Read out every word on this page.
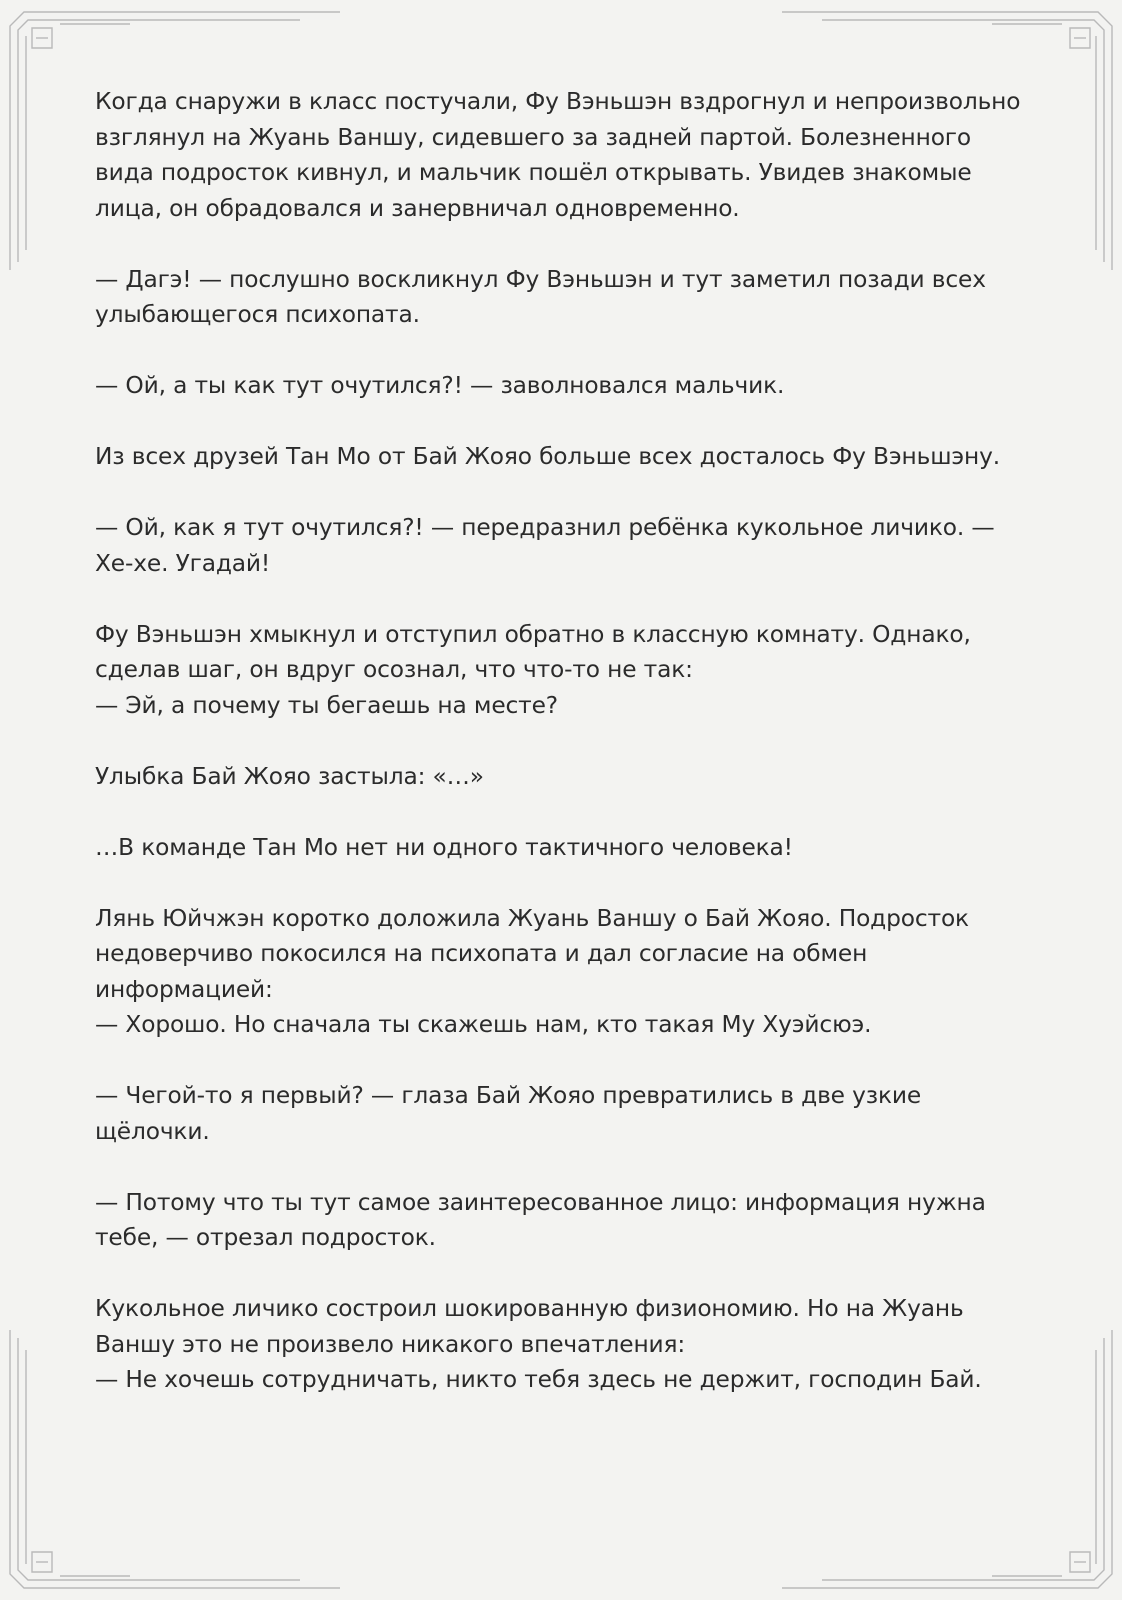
Когда снаружи в класс постучали, Фу Вэньшэн вздрогнул и непроизвольно взглянул на Жуань Ваншу, сидевшего за задней партой. Болезненного вида подросток кивнул, и мальчик пошёл открывать. Увидев знакомые лица, он обрадовался и занервничал одновременно.

— Дагэ! — послушно воскликнул Фу Вэньшэн и тут заметил позади всех улыбающегося психопата.

— Ой, а ты как тут очутился?! — заволновался мальчик.

Из всех друзей Тан Мо от Бай Жояо больше всех досталось Фу Вэньшэну.

— Ой, как я тут очутился?! — передразнил ребёнка кукольное личико. — Хе-хе. Угадай!

Фу Вэньшэн хмыкнул и отступил обратно в классную комнату. Однако, сделав шаг, он вдруг осознал, что что-то не так:
— Эй, а почему ты бегаешь на месте?

Улыбка Бай Жояо застыла: «…»

…В команде Тан Мо нет ни одного тактичного человека!

Лянь Юйчжэн коротко доложила Жуань Ваншу о Бай Жояо. Подросток недоверчиво покосился на психопата и дал согласие на обмен информацией:
— Хорошо. Но сначала ты скажешь нам, кто такая Му Хуэйсюэ.

— Чегой-то я первый? — глаза Бай Жояо превратились в две узкие щёлочки.

— Потому что ты тут самое заинтересованное лицо: информация нужна тебе, — отрезал подросток.

Кукольное личико состроил шокированную физиономию. Но на Жуань Ваншу это не произвело никакого впечатления:
— Не хочешь сотрудничать, никто тебя здесь не держит, господин Бай.
